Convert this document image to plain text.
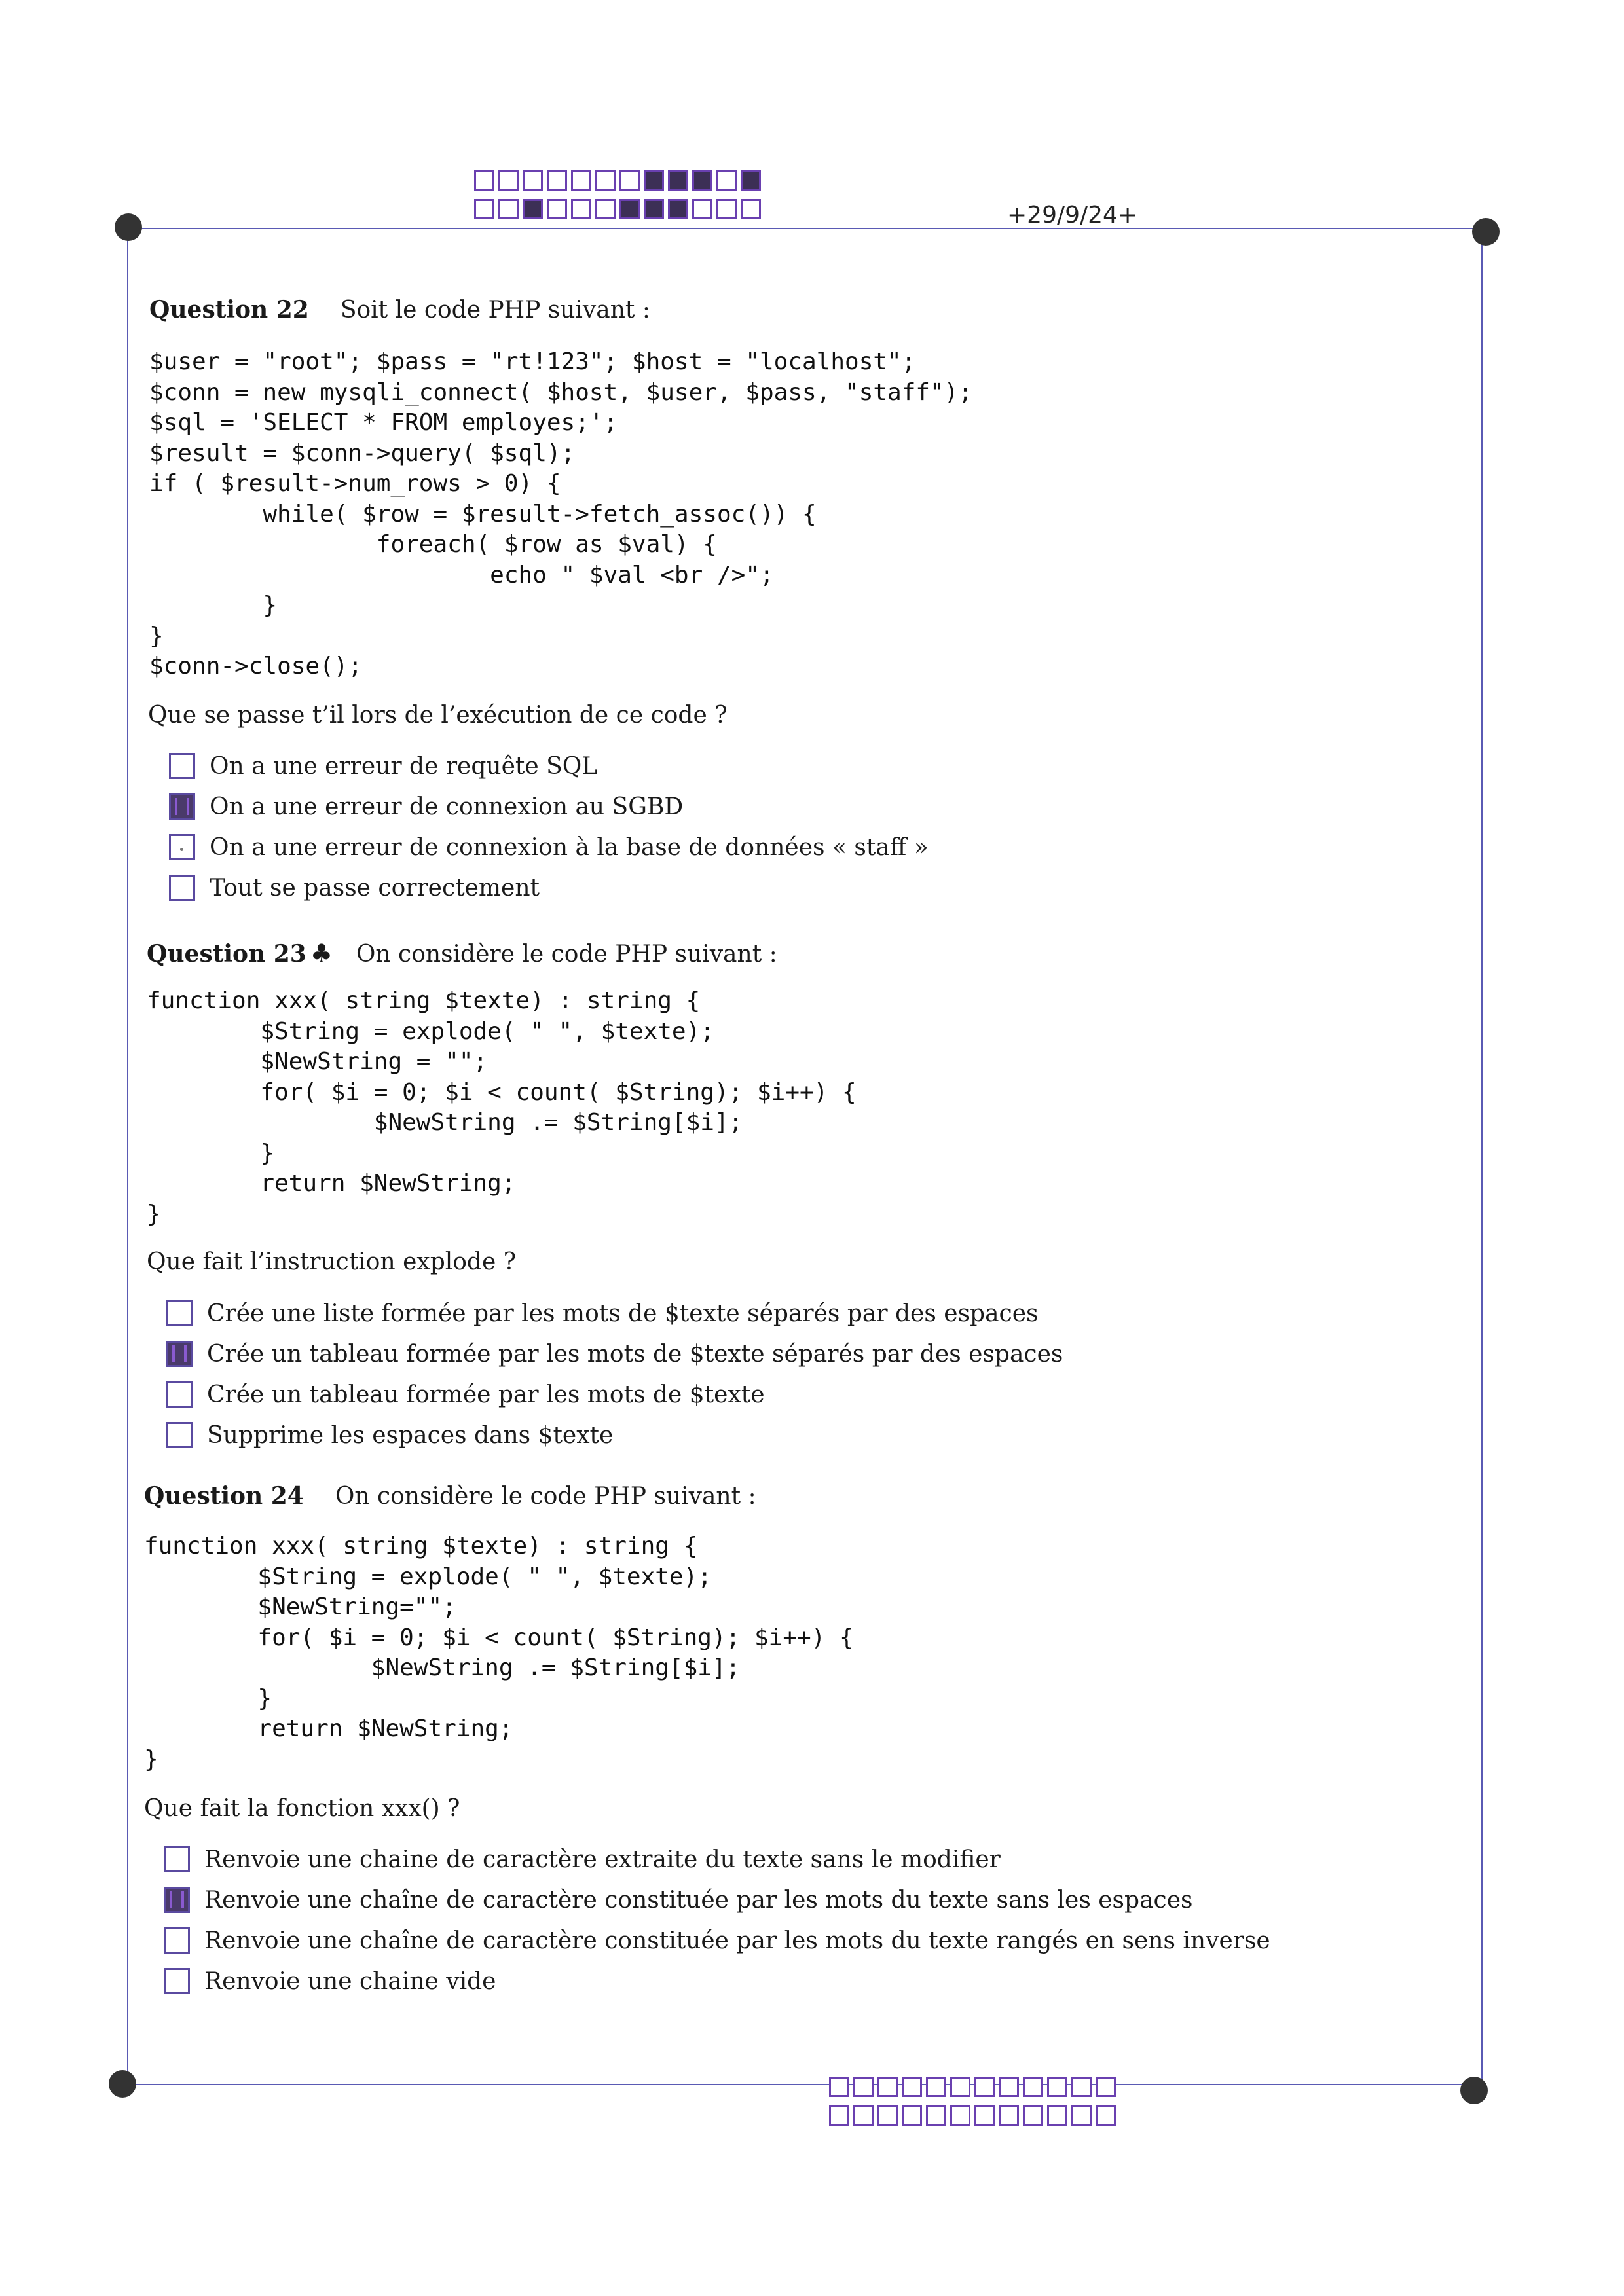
+29/9/24+
Question 22 Soit le code PHP suivant :
$user = "root"; $pass = "rt!123"; $host = "localhost";
$conn = new mysqli_connect( $host, $user, $pass, "staff");
$sql = 'SELECT * FROM employes;';
$result = $conn->query( $sql);
if ( $result->num_rows > 0) {
while( $row = $result->fetch_assoc()) {
foreach( $row as $val) {
echo " $val <br />";
}
}
$conn->close();
Que se passe t’il lors de l’exécution de ce code ?
On a une erreur de requête SQL
On a une erreur de connexion au SGBD
On a une erreur de connexion à la base de données « staff »
Tout se passe correctement
Question 23 ♣ On considère le code PHP suivant :
function xxx( string $texte) : string {
$String = explode( " ", $texte);
$NewString = "";
for( $i = 0; $i < count( $String); $i++) {
$NewString .= $String[$i];
}
return $NewString;
}
Que fait l’instruction explode ?
Crée une liste formée par les mots de $texte séparés par des espaces
Crée un tableau formée par les mots de $texte séparés par des espaces
Crée un tableau formée par les mots de $texte
Supprime les espaces dans $texte
Question 24 On considère le code PHP suivant :
function xxx( string $texte) : string {
$String = explode( " ", $texte);
$NewString="";
for( $i = 0; $i < count( $String); $i++) {
$NewString .= $String[$i];
}
return $NewString;
}
Que fait la fonction xxx() ?
Renvoie une chaine de caractère extraite du texte sans le modifier
Renvoie une chaîne de caractère constituée par les mots du texte sans les espaces
Renvoie une chaîne de caractère constituée par les mots du texte rangés en sens inverse
Renvoie une chaine vide
